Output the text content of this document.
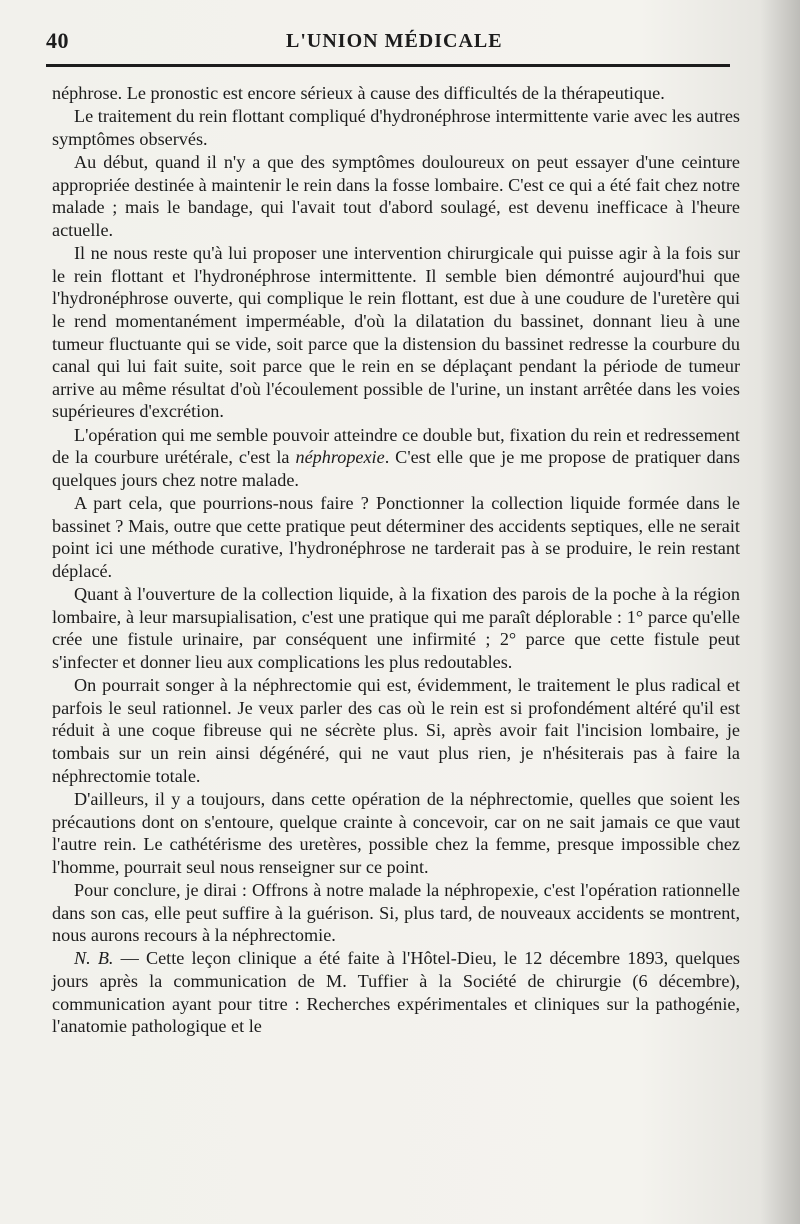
40	L'UNION MÉDICALE

néphrose. Le pronostic est encore sérieux à cause des difficultés de la thérapeutique.

Le traitement du rein flottant compliqué d'hydronéphrose intermittente varie avec les autres symptômes observés.

Au début, quand il n'y a que des symptômes douloureux on peut essayer d'une ceinture appropriée destinée à maintenir le rein dans la fosse lombaire. C'est ce qui a été fait chez notre malade ; mais le bandage, qui l'avait tout d'abord soulagé, est devenu inefficace à l'heure actuelle.

Il ne nous reste qu'à lui proposer une intervention chirurgicale qui puisse agir à la fois sur le rein flottant et l'hydronéphrose intermittente. Il semble bien démontré aujourd'hui que l'hydronéphrose ouverte, qui complique le rein flottant, est due à une coudure de l'uretère qui le rend momentanément imperméable, d'où la dilatation du bassinet, donnant lieu à une tumeur fluctuante qui se vide, soit parce que la distension du bassinet redresse la courbure du canal qui lui fait suite, soit parce que le rein en se déplaçant pendant la période de tumeur arrive au même résultat d'où l'écoulement possible de l'urine, un instant arrêtée dans les voies supérieures d'excrétion.

L'opération qui me semble pouvoir atteindre ce double but, fixation du rein et redressement de la courbure urétérale, c'est la néphropexie. C'est elle que je me propose de pratiquer dans quelques jours chez notre malade.

A part cela, que pourrions-nous faire ? Ponctionner la collection liquide formée dans le bassinet ? Mais, outre que cette pratique peut déterminer des accidents septiques, elle ne serait point ici une méthode curative, l'hydronéphrose ne tarderait pas à se produire, le rein restant déplacé.

Quant à l'ouverture de la collection liquide, à la fixation des parois de la poche à la région lombaire, à leur marsupialisation, c'est une pratique qui me paraît déplorable : 1° parce qu'elle crée une fistule urinaire, par conséquent une infirmité ; 2° parce que cette fistule peut s'infecter et donner lieu aux complications les plus redoutables.

On pourrait songer à la néphrectomie qui est, évidemment, le traitement le plus radical et parfois le seul rationnel. Je veux parler des cas où le rein est si profondément altéré qu'il est réduit à une coque fibreuse qui ne sécrète plus. Si, après avoir fait l'incision lombaire, je tombais sur un rein ainsi dégénéré, qui ne vaut plus rien, je n'hésiterais pas à faire la néphrectomie totale.

D'ailleurs, il y a toujours, dans cette opération de la néphrectomie, quelles que soient les précautions dont on s'entoure, quelque crainte à concevoir, car on ne sait jamais ce que vaut l'autre rein. Le cathétérisme des uretères, possible chez la femme, presque impossible chez l'homme, pourrait seul nous renseigner sur ce point.

Pour conclure, je dirai : Offrons à notre malade la néphropexie, c'est l'opération rationnelle dans son cas, elle peut suffire à la guérison. Si, plus tard, de nouveaux accidents se montrent, nous aurons recours à la néphrectomie.

N. B. — Cette leçon clinique a été faite à l'Hôtel-Dieu, le 12 décembre 1893, quelques jours après la communication de M. Tuffier à la Société de chirurgie (6 décembre), communication ayant pour titre : Recherches expérimentales et cliniques sur la pathogénie, l'anatomie pathologique et le
